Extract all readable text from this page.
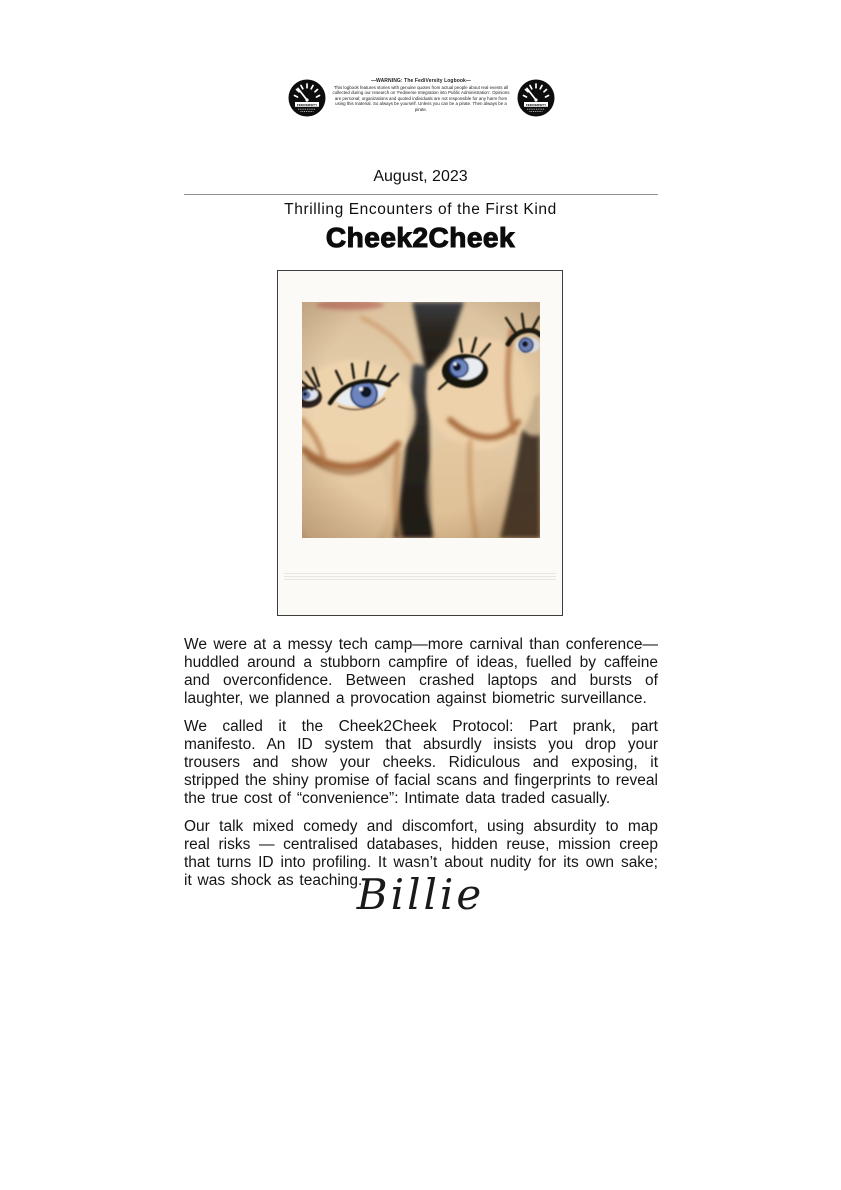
FEDIVERSITY
—WARNING: The FediVersity Logbook—
This logbook features stories with genuine quotes from actual people about real events all collected during our research on 'Fediverse Integration into Public Administration'. Opinions are personal; organizations and quoted individuals are not responsible for any harm from using this material. So always be yourself. Unless you can be a pirate. Then always be a pirate.
FEDIVERSITY
August, 2023
Thrilling Encounters of the First Kind
Cheek2Cheek

We were at a messy tech camp—more carnival than conference—huddled around a stubborn campfire of ideas, fuelled by caffeine and overconfidence. Between crashed laptops and bursts of laughter, we planned a provocation against biometric surveillance.

We called it the Cheek2Cheek Protocol: Part prank, part manifesto. An ID system that absurdly insists you drop your trousers and show your cheeks. Ridiculous and exposing, it stripped the shiny promise of facial scans and fingerprints to reveal the true cost of “convenience”: Intimate data traded casually.

Our talk mixed comedy and discomfort, using absurdity to map real risks — centralised databases, hidden reuse, mission creep that turns ID into profiling. It wasn’t about nudity for its own sake; it was shock as teaching.

Billie
